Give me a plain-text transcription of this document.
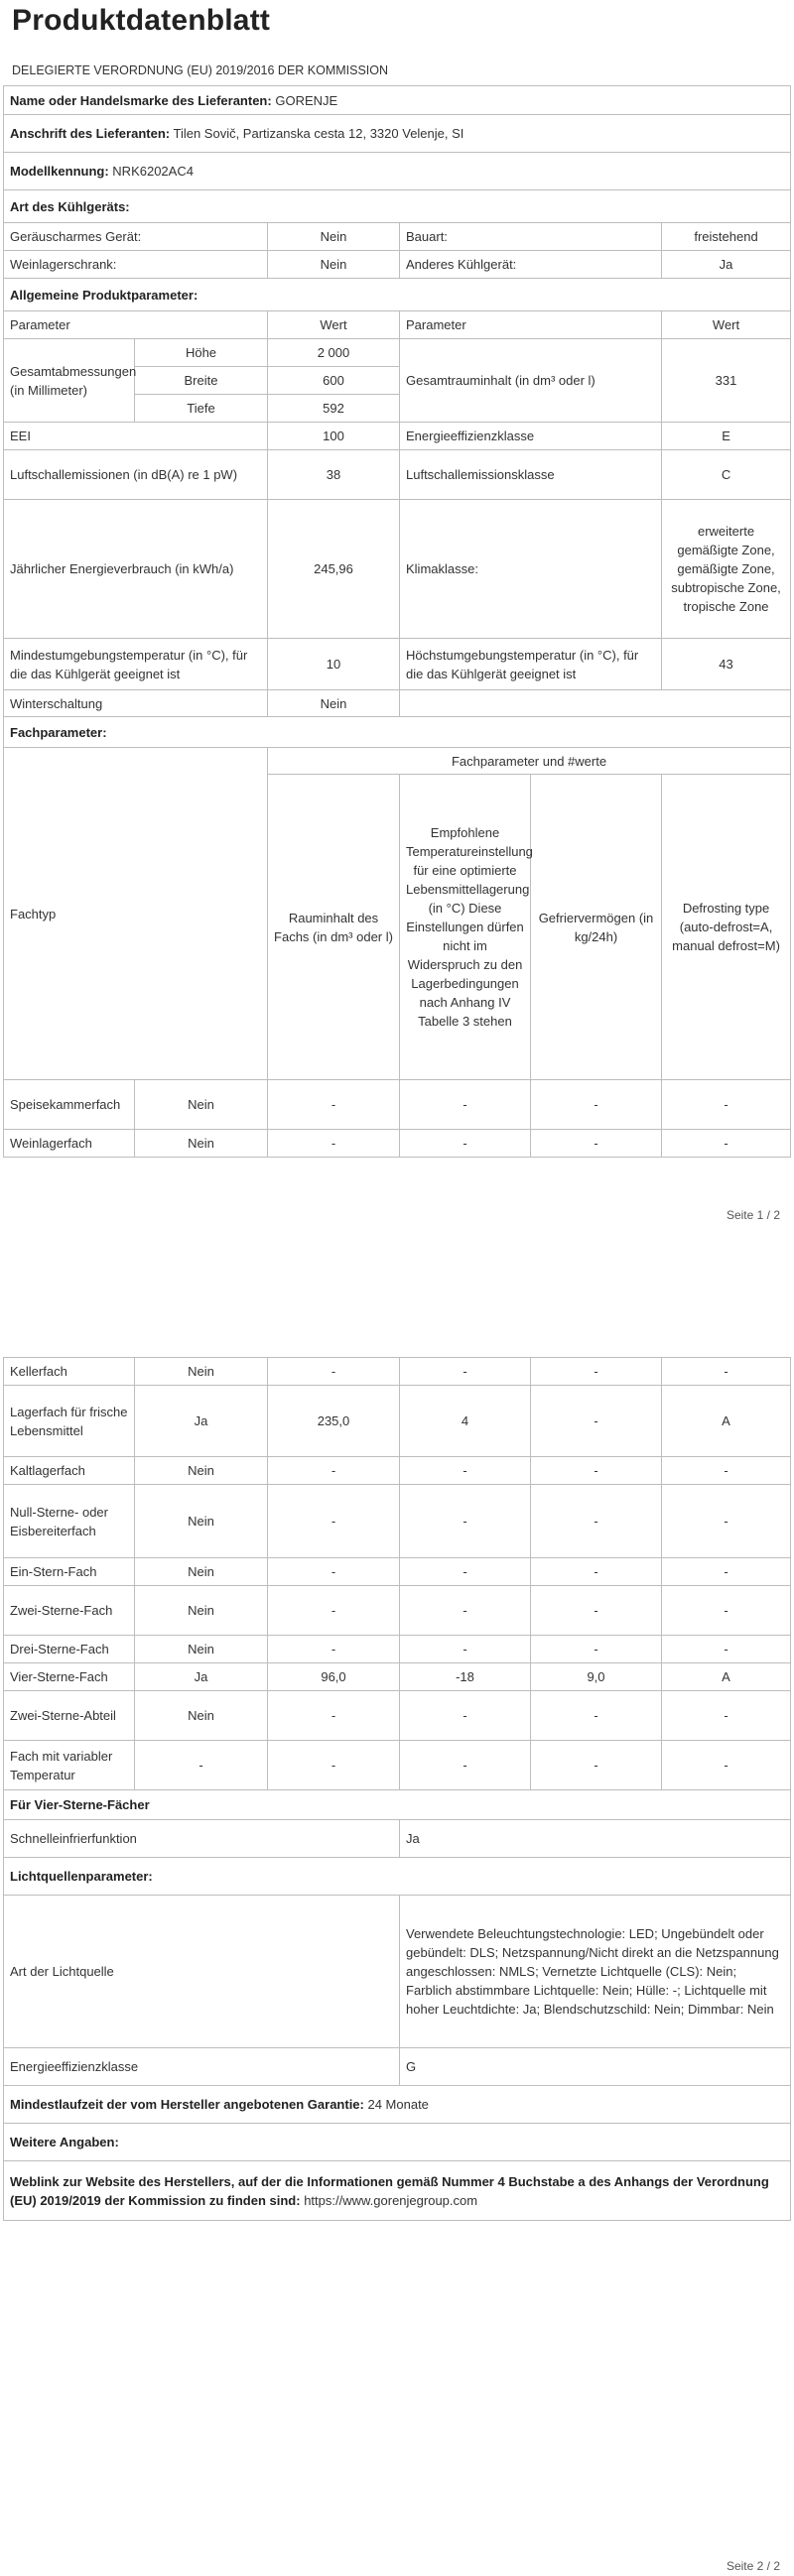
Produktdatenblatt
DELEGIERTE VERORDNUNG (EU) 2019/2016 DER KOMMISSION
Name oder Handelsmarke des Lieferanten: GORENJE					
Anschrift des Lieferanten: Tilen Sovič, Partizanska cesta 12, 3320 Velenje, SI					
Modellkennung: NRK6202AC4					
Art des Kühlgeräts:					
Geräuscharmes Gerät:		Nein	Bauart:		freistehend
Weinlagerschrank:		Nein	Anderes Kühlgerät:		Ja
Allgemeine Produktparameter:					
Parameter		Wert	Parameter		Wert
Gesamtabmessungen (in Millimeter)	Höhe	2 000	Gesamtrauminhalt (in dm³ oder l)		331
	Breite	600			
	Tiefe	592			
EEI		100	Energieeffizienzklasse		E
Luftschallemissionen (in dB(A) re 1 pW)		38	Luftschallemissionsklasse		C
Jährlicher Energieverbrauch (in kWh/a)		245,96	Klimaklasse:		erweiterte gemäßigte Zone, gemäßigte Zone, subtropische Zone, tropische Zone
Mindestumgebungstemperatur (in °C), für die das Kühlgerät geeignet ist		10	Höchstumgebungstemperatur (in °C), für die das Kühlgerät geeignet ist		43
Winterschaltung		Nein			
Fachparameter:					
Fachtyp		Fachparameter und #werte			
		Rauminhalt des Fachs (in dm³ oder l)	Empfohlene Temperatureinstellung für eine optimierte Lebensmittellagerung (in °C) Diese Einstellungen dürfen nicht im Widerspruch zu den Lagerbedingungen nach Anhang IV Tabelle 3 stehen	Gefriervermögen (in kg/24h)	Defrosting type (auto-defrost=A, manual defrost=M)
Speisekammerfach	Nein	-	-	-	-
Weinlagerfach	Nein	-	-	-	-
Seite 1 / 2
Kellerfach	Nein	-	-	-	-
Lagerfach für frische Lebensmittel	Ja	235,0	4	-	A
Kaltlagerfach	Nein	-	-	-	-
Null-Sterne- oder Eisbereiterfach	Nein	-	-	-	-
Ein-Stern-Fach	Nein	-	-	-	-
Zwei-Sterne-Fach	Nein	-	-	-	-
Drei-Sterne-Fach	Nein	-	-	-	-
Vier-Sterne-Fach	Ja	96,0	-18	9,0	A
Zwei-Sterne-Abteil	Nein	-	-	-	-
Fach mit variabler Temperatur	-	-	-	-	-
Für Vier-Sterne-Fächer					
Schnelleinfrierfunktion			Ja		
Lichtquellenparameter:					
Art der Lichtquelle			Verwendete Beleuchtungstechnologie: LED; Ungebündelt oder gebündelt: DLS; Netzspannung/Nicht direkt an die Netzspannung angeschlossen: NMLS; Vernetzte Lichtquelle (CLS): Nein; Farblich abstimmbare Lichtquelle: Nein; Hülle: -; Lichtquelle mit hoher Leuchtdichte: Ja; Blendschutzschild: Nein; Dimmbar: Nein		
Energieeffizienzklasse			G		
Mindestlaufzeit der vom Hersteller angebotenen Garantie: 24 Monate					
Weitere Angaben:					
Weblink zur Website des Herstellers, auf der die Informationen gemäß Nummer 4 Buchstabe a des Anhangs der Verordnung (EU) 2019/2019 der Kommission zu finden sind: https://www.gorenjegroup.com					
Seite 2 / 2
